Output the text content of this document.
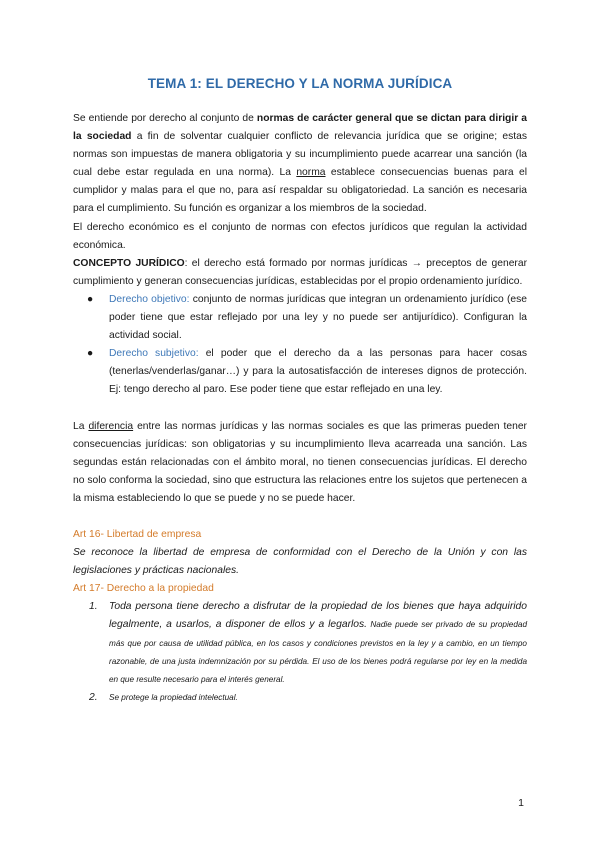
TEMA 1: EL DERECHO Y LA NORMA JURÍDICA

Se entiende por derecho al conjunto de normas de carácter general que se dictan para dirigir a la sociedad a fin de solventar cualquier conflicto de relevancia jurídica que se origine; estas normas son impuestas de manera obligatoria y su incumplimiento puede acarrear una sanción (la cual debe estar regulada en una norma). La norma establece consecuencias buenas para el cumplidor y malas para el que no, para así respaldar su obligatoriedad. La sanción es necesaria para el cumplimiento. Su función es organizar a los miembros de la sociedad.

El derecho económico es el conjunto de normas con efectos jurídicos que regulan la actividad económica.

CONCEPTO JURÍDICO: el derecho está formado por normas jurídicas → preceptos de generar cumplimiento y generan consecuencias jurídicas, establecidas por el propio ordenamiento jurídico.

● Derecho objetivo: conjunto de normas jurídicas que integran un ordenamiento jurídico (ese poder tiene que estar reflejado por una ley y no puede ser antijurídico). Configuran la actividad social.
● Derecho subjetivo: el poder que el derecho da a las personas para hacer cosas (tenerlas/venderlas/ganar…) y para la autosatisfacción de intereses dignos de protección. Ej: tengo derecho al paro. Ese poder tiene que estar reflejado en una ley.

La diferencia entre las normas jurídicas y las normas sociales es que las primeras pueden tener consecuencias jurídicas: son obligatorias y su incumplimiento lleva acarreada una sanción. Las segundas están relacionadas con el ámbito moral, no tienen consecuencias jurídicas. El derecho no solo conforma la sociedad, sino que estructura las relaciones entre los sujetos que pertenecen a la misma estableciendo lo que se puede y no se puede hacer.

Art 16- Libertad de empresa

Se reconoce la libertad de empresa de conformidad con el Derecho de la Unión y con las legislaciones y prácticas nacionales.

Art 17- Derecho a la propiedad

1. Toda persona tiene derecho a disfrutar de la propiedad de los bienes que haya adquirido legalmente, a usarlos, a disponer de ellos y a legarlos. Nadie puede ser privado de su propiedad más que por causa de utilidad pública, en los casos y condiciones previstos en la ley y a cambio, en un tiempo razonable, de una justa indemnización por su pérdida. El uso de los bienes podrá regularse por ley en la medida en que resulte necesario para el interés general.
2. Se protege la propiedad intelectual.
1
